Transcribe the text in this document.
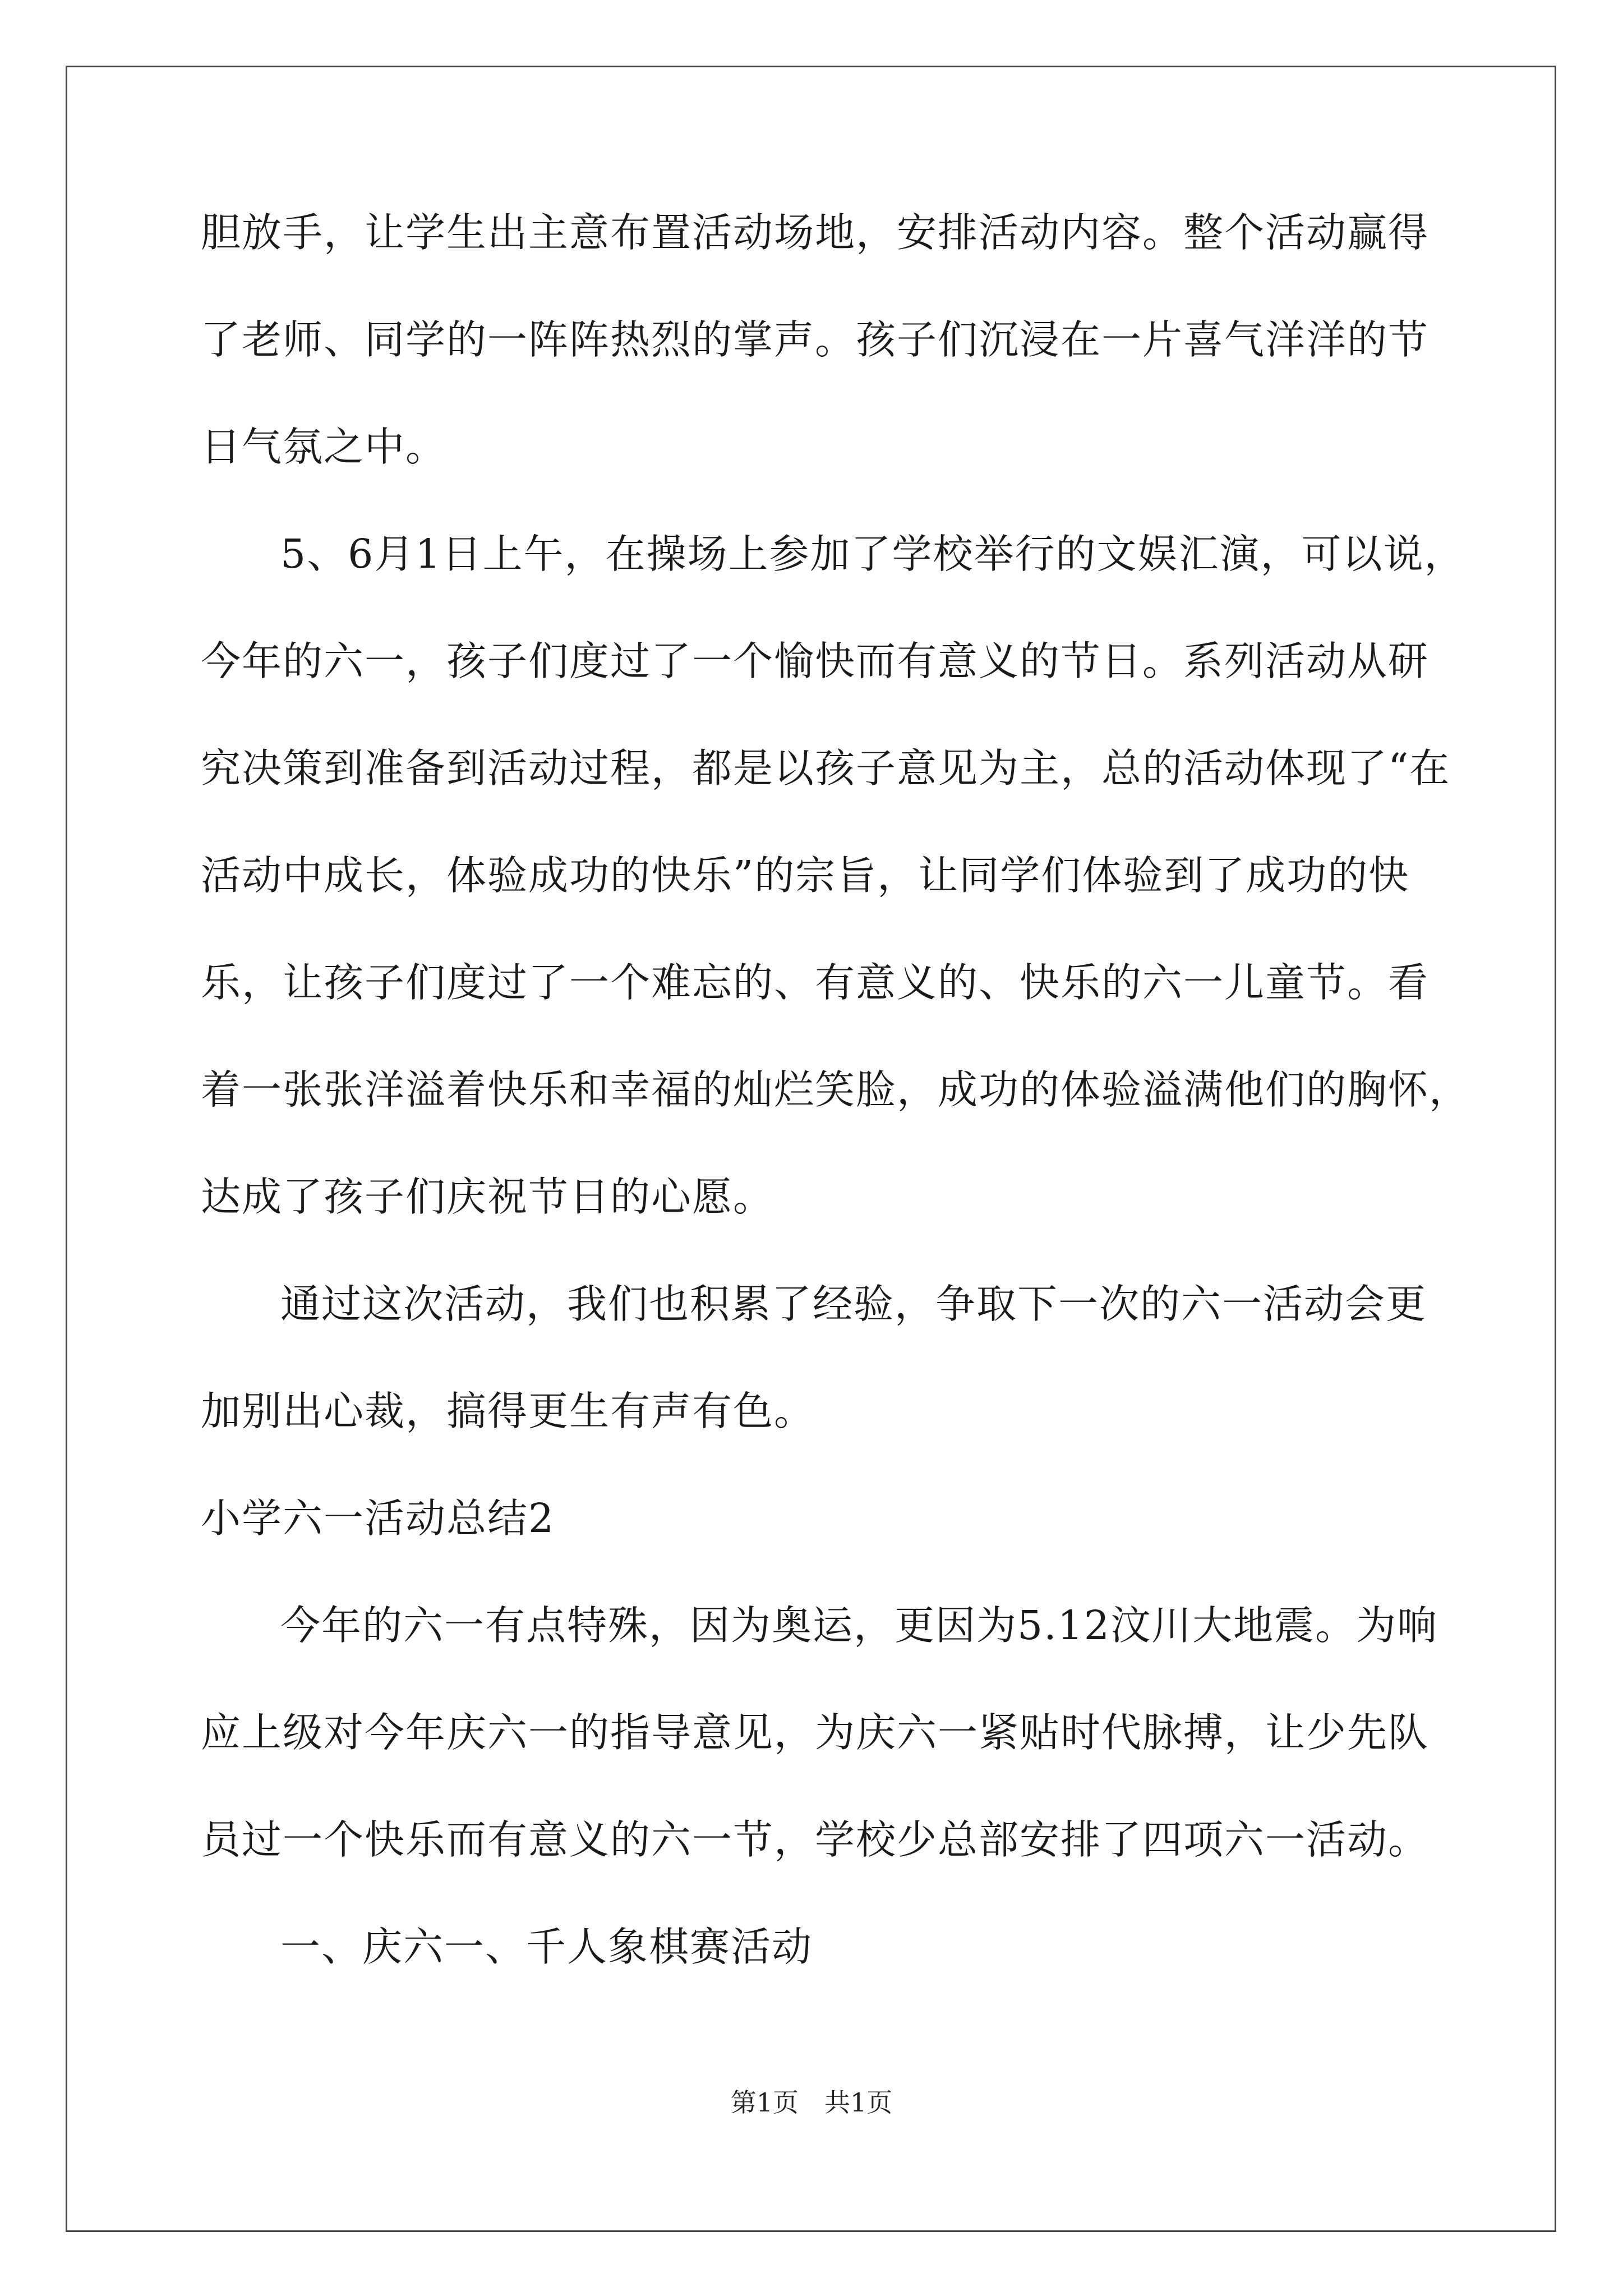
胆放手，让学生出主意布置活动场地，安排活动内容。整个活动赢得
了老师、同学的一阵阵热烈的掌声。孩子们沉浸在一片喜气洋洋的节
日气氛之中。
5、6月1日上午，在操场上参加了学校举行的文娱汇演，可以说，
今年的六一，孩子们度过了一个愉快而有意义的节日。系列活动从研
究决策到准备到活动过程，都是以孩子意见为主，总的活动体现了“在
活动中成长，体验成功的快乐”的宗旨，让同学们体验到了成功的快
乐，让孩子们度过了一个难忘的、有意义的、快乐的六一儿童节。看
着一张张洋溢着快乐和幸福的灿烂笑脸，成功的体验溢满他们的胸怀，
达成了孩子们庆祝节日的心愿。
通过这次活动，我们也积累了经验，争取下一次的六一活动会更
加别出心裁，搞得更生有声有色。
小学六一活动总结2
今年的六一有点特殊，因为奥运，更因为5.12汶川大地震。为响
应上级对今年庆六一的指导意见，为庆六一紧贴时代脉搏，让少先队
员过一个快乐而有意义的六一节，学校少总部安排了四项六一活动。
一、庆六一、千人象棋赛活动
第1页　共1页
